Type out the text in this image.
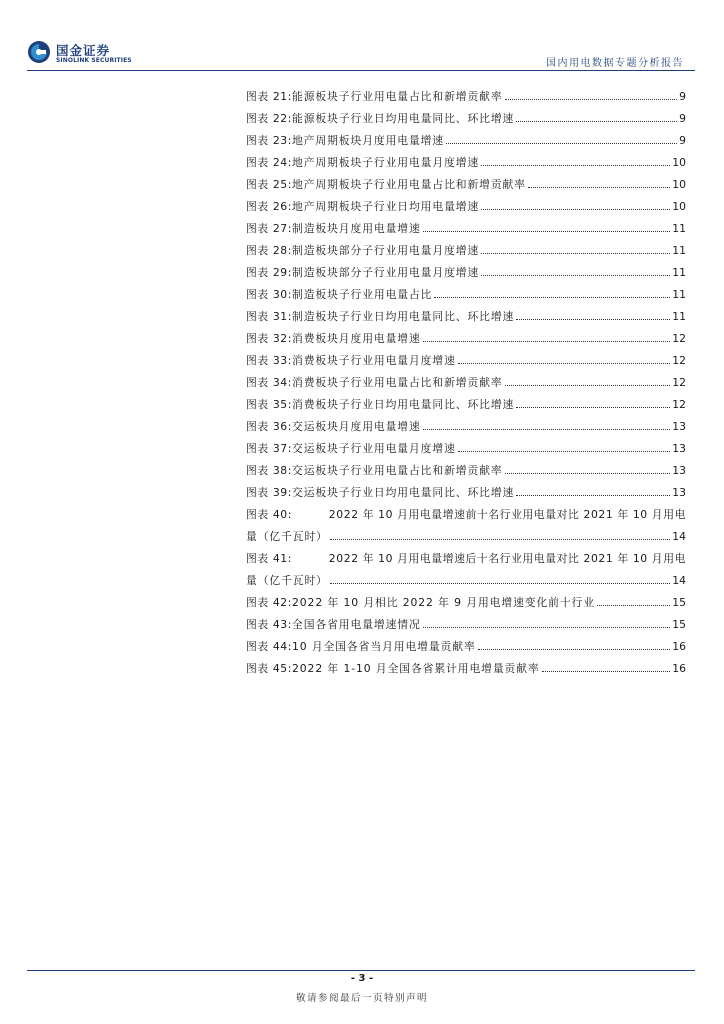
国金证券
SINOLINK SECURITIES	国内用电数据专题分析报告
图表 21: 能源板块子行业用电量占比和新增贡献率	9
图表 22: 能源板块子行业日均用电量同比、环比增速	9
图表 23: 地产周期板块月度用电量增速	9
图表 24: 地产周期板块子行业用电量月度增速	10
图表 25: 地产周期板块子行业用电量占比和新增贡献率	10
图表 26: 地产周期板块子行业日均用电量增速	10
图表 27: 制造板块月度用电量增速	11
图表 28: 制造板块部分子行业用电量月度增速	11
图表 29: 制造板块部分子行业用电量月度增速	11
图表 30: 制造板块子行业用电量占比	11
图表 31: 制造板块子行业日均用电量同比、环比增速	11
图表 32: 消费板块月度用电量增速	12
图表 33: 消费板块子行业用电量月度增速	12
图表 34: 消费板块子行业用电量占比和新增贡献率	12
图表 35: 消费板块子行业日均用电量同比、环比增速	12
图表 36: 交运板块月度用电量增速	13
图表 37: 交运板块子行业用电量月度增速	13
图表 38: 交运板块子行业用电量占比和新增贡献率	13
图表 39: 交运板块子行业日均用电量同比、环比增速	13
图表 40:	2022 年 10 月用电量增速前十名行业用电量对比 2021 年 10 月用电
量（亿千瓦时）	14
图表 41:	2022 年 10 月用电量增速后十名行业用电量对比 2021 年 10 月用电
量（亿千瓦时）	14
图表 42: 2022 年 10 月相比 2022 年 9 月用电增速变化前十行业	15
图表 43: 全国各省用电量增速情况	15
图表 44: 10 月全国各省当月用电增量贡献率	16
图表 45: 2022 年 1-10 月全国各省累计用电增量贡献率	16
- 3 -
敬请参阅最后一页特别声明
